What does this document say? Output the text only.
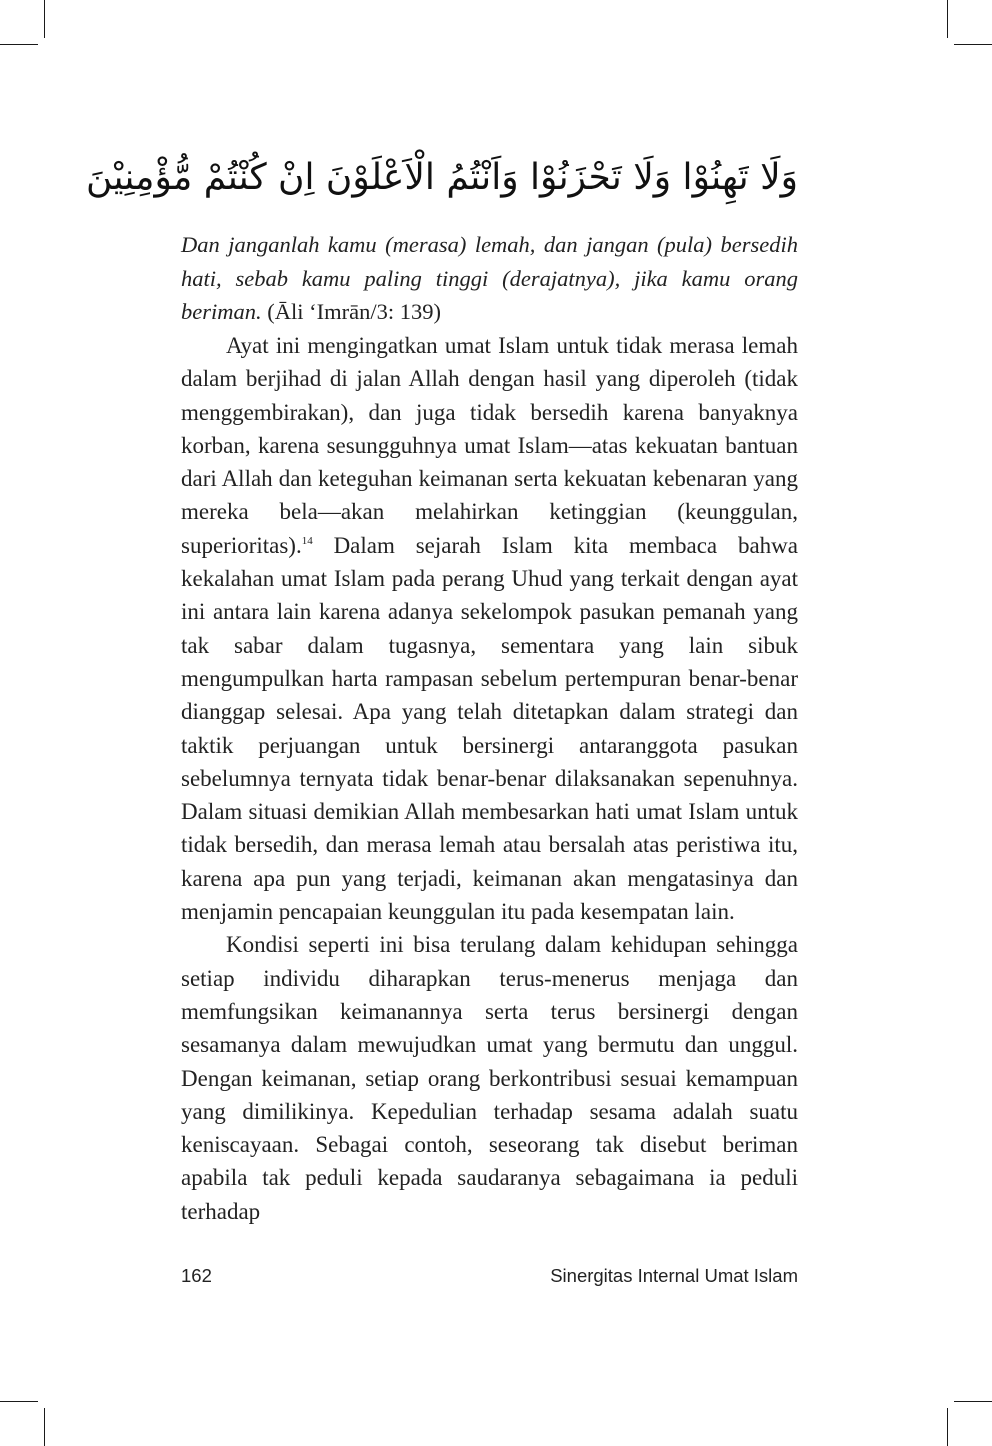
وَلَا تَهِنُوْا وَلَا تَحْزَنُوْا وَاَنْتُمُ الْاَعْلَوْنَ اِنْ كُنْتُمْ مُّؤْمِنِيْنَ
Dan janganlah kamu (merasa) lemah, dan jangan (pula) bersedih hati, sebab kamu paling tinggi (derajatnya), jika kamu orang beriman. (Āli ʻImrān/3: 139)

Ayat ini mengingatkan umat Islam untuk tidak merasa lemah dalam berjihad di jalan Allah dengan hasil yang diperoleh (tidak menggembirakan), dan juga tidak bersedih karena banyaknya korban, karena sesungguhnya umat Islam—atas kekuatan bantuan dari Allah dan keteguhan keimanan serta kekuatan kebenaran yang mereka bela—akan melahirkan ketinggian (keunggulan, superioritas).$^{14}$ Dalam sejarah Islam kita membaca bahwa kekalahan umat Islam pada perang Uhud yang terkait dengan ayat ini antara lain karena adanya sekelompok pasukan pemanah yang tak sabar dalam tugasnya, sementara yang lain sibuk mengumpulkan harta rampasan sebelum pertempuran benar-benar dianggap selesai. Apa yang telah ditetapkan dalam strategi dan taktik perjuangan untuk bersinergi antaranggota pasukan sebelumnya ternyata tidak benar-benar dilaksanakan sepenuhnya. Dalam situasi demikian Allah membesarkan hati umat Islam untuk tidak bersedih, dan merasa lemah atau bersalah atas peristiwa itu, karena apa pun yang terjadi, keimanan akan mengatasinya dan menjamin pencapaian keunggulan itu pada kesempatan lain.

Kondisi seperti ini bisa terulang dalam kehidupan sehingga setiap individu diharapkan terus-menerus menjaga dan memfungsikan keimanannya serta terus bersinergi dengan sesamanya dalam mewujudkan umat yang bermutu dan unggul. Dengan keimanan, setiap orang berkontribusi sesuai kemampuan yang dimilikinya. Kepedulian terhadap sesama adalah suatu keniscayaan. Sebagai contoh, seseorang tak disebut beriman apabila tak peduli kepada saudaranya sebagaimana ia peduli terhadap

162	Sinergitas Internal Umat Islam
